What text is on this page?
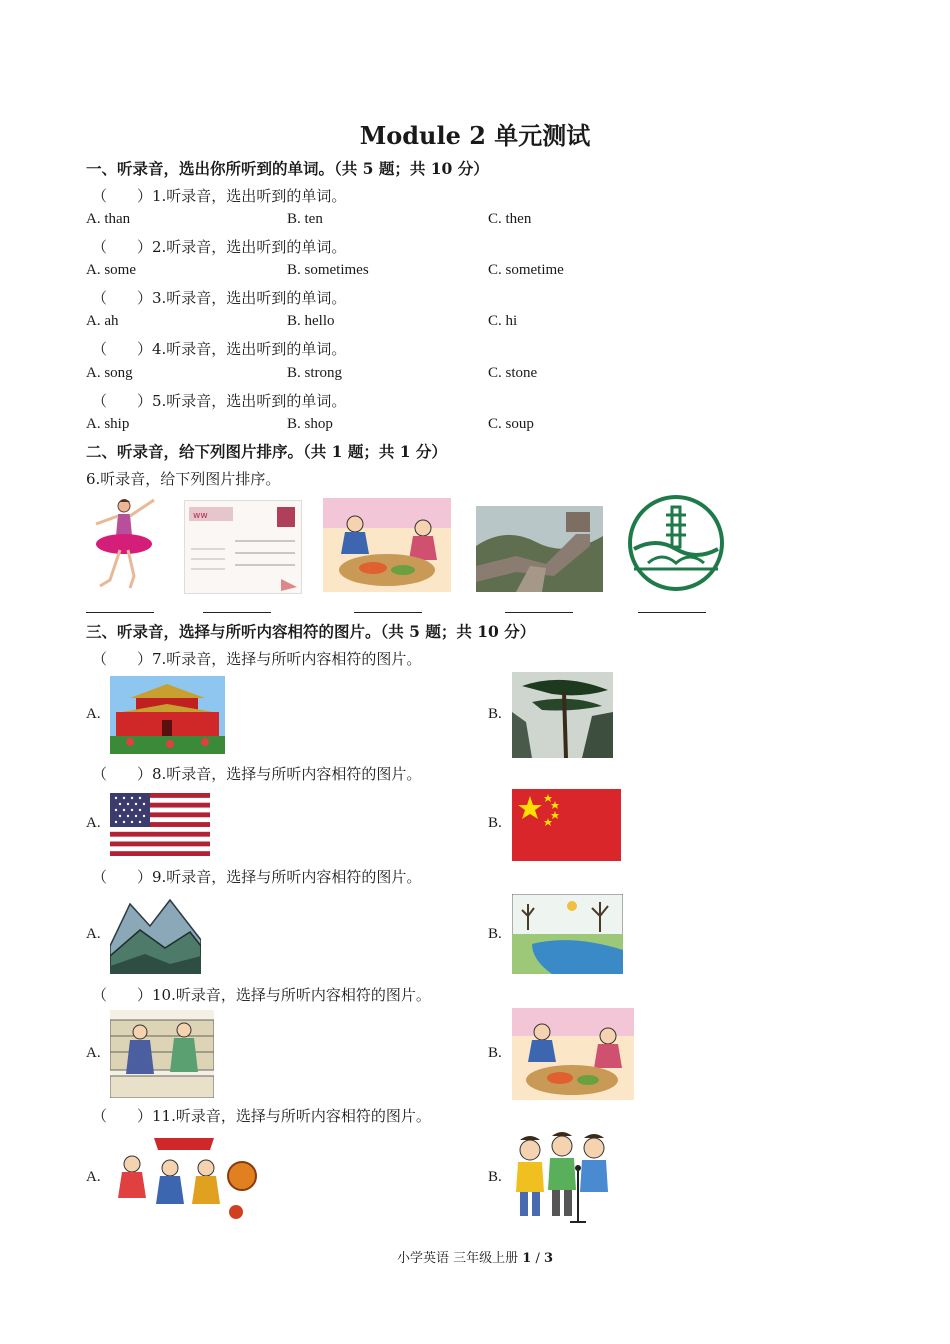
Module 2 单元测试
一、听录音，选出你所听到的单词。（共 5 题；共 10 分）
（　　）1.听录音，选出听到的单词。
A. than	B. ten	C. then
（　　）2.听录音，选出听到的单词。
A. some	B. sometimes	C. sometime
（　　）3.听录音，选出听到的单词。
A. ah	B. hello	C. hi
（　　）4.听录音，选出听到的单词。
A. song	B. strong	C. stone
（　　）5.听录音，选出听到的单词。
A. ship	B. shop	C. soup
二、听录音，给下列图片排序。（共 1 题；共 1 分）
6.听录音，给下列图片排序。
ww
三、听录音，选择与所听内容相符的图片。（共 5 题；共 10 分）
（　　）7.听录音，选择与所听内容相符的图片。
A.	B.
（　　）8.听录音，选择与所听内容相符的图片。
A.	B.
（　　）9.听录音，选择与所听内容相符的图片。
A.	B.
（　　）10.听录音，选择与所听内容相符的图片。
A.	B.
（　　）11.听录音，选择与所听内容相符的图片。
A.	B.
小学英语 三年级上册 1 / 3
